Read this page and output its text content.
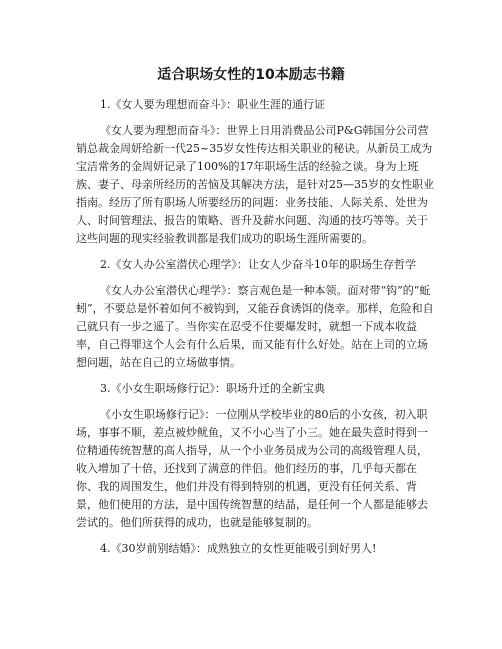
适合职场女性的10本励志书籍

1.《女人要为理想而奋斗》：职业生涯的通行证

《女人要为理想而奋斗》：世界上日用消费品公司P&G韩国分公司营销总裁金周妍给新一代25~35岁女性传达相关职业的秘诀。从新员工成为宝洁常务的金周妍记录了100%的17年职场生活的经验之谈。身为上班族、妻子、母亲所经历的苦恼及其解决方法，是针对25—35岁的女性职业指南。经历了所有职场人所要经历的问题：业务技能、人际关系、处世为人、时间管理法、报告的策略、晋升及薪水问题、沟通的技巧等等。关于这些问题的现实经验教训都是我们成功的职场生涯所需要的。

2.《女人办公室潜伏心理学》：让女人少奋斗10年的职场生存哲学

《女人办公室潜伏心理学》：察言观色是一种本领。面对带“钩”的“蚯蚓”，不要总是怀着如何不被钩到，又能吞食诱饵的侥幸。那样，危险和自己就只有一步之遥了。当你实在忍受不住要爆发时，就想一下成本收益率，自己得罪这个人会有什么后果，而又能有什么好处。站在上司的立场想问题，站在自己的立场做事情。

3.《小女生职场修行记》：职场升迁的全新宝典

《小女生职场修行记》：一位刚从学校毕业的80后的小女孩，初入职场，事事不顺，差点被炒鱿鱼，又不小心当了小三。她在最失意时得到一位精通传统智慧的高人指导，从一个小业务员成为公司的高级管理人员，收入增加了十倍，还找到了满意的伴侣。他们经历的事，几乎每天都在你、我的周围发生，他们并没有得到特别的机遇，更没有任何关系、背景，他们使用的方法，是中国传统智慧的结晶，是任何一个人都是能够去尝试的。他们所获得的成功，也就是能够复制的。

4.《30岁前别结婚》：成熟独立的女性更能吸引到好男人!
